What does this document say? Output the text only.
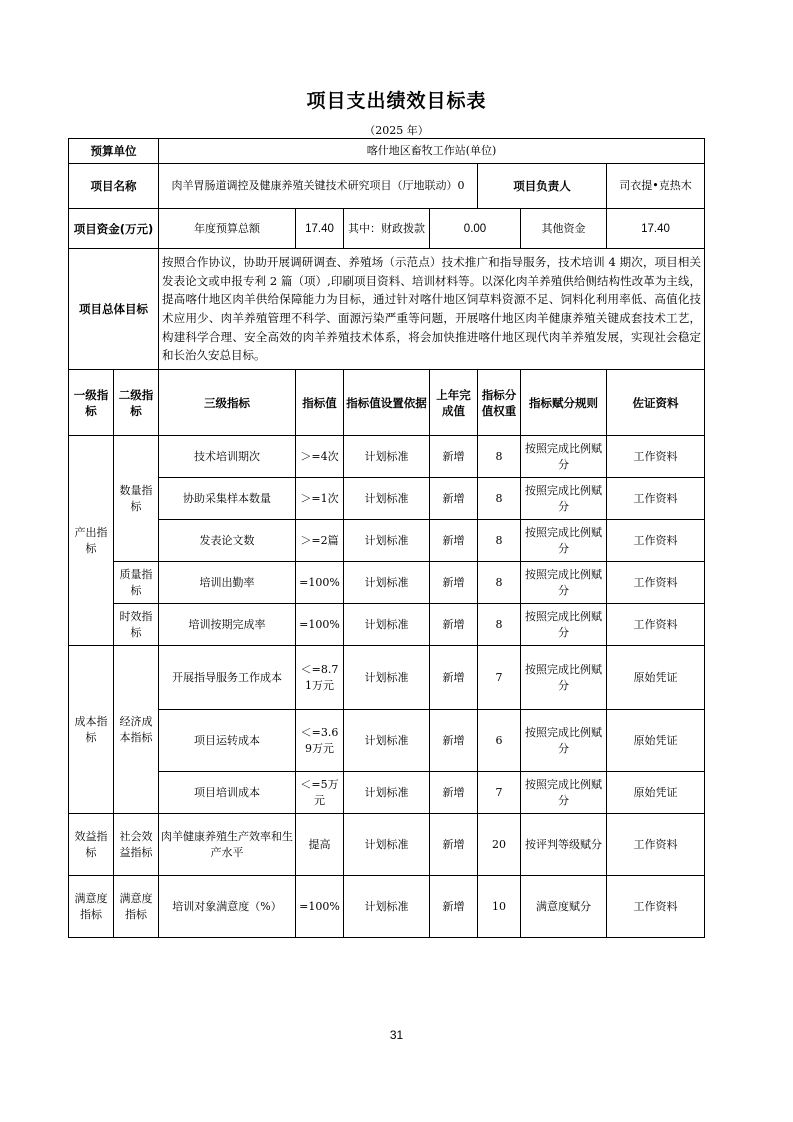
项目支出绩效目标表
（2025 年）
预算单位		喀什地区畜牧工作站(单位)						
项目名称		肉羊胃肠道调控及健康养殖关键技术研究项目（厅地联动）0				项目负责人		司衣提•克热木
项目资金(万元)		年度预算总额	17.40	其中：财政拨款	0.00		其他资金	17.40
项目总体目标		按照合作协议，协助开展调研调查、养殖场（示范点）技术推广和指导服务，技术培训 4 期次，项目相关发表论文或申报专利 2 篇（项）,印刷项目资料、培训材料等。以深化肉羊养殖供给侧结构性改革为主线，提高喀什地区肉羊供给保障能力为目标，通过针对喀什地区饲草料资源不足、饲料化利用率低、高值化技术应用少、肉羊养殖管理不科学、面源污染严重等问题，开展喀什地区肉羊健康养殖关键成套技术工艺，构建科学合理、安全高效的肉羊养殖技术体系，将会加快推进喀什地区现代肉羊养殖发展，实现社会稳定和长治久安总目标。						
一级指标	二级指标	三级指标	指标值	指标值设置依据	上年完成值	指标分值权重	指标赋分规则	佐证资料
产出指标	数量指标	技术培训期次	＞=4次	计划标准	新增	8	按照完成比例赋分	工作资料
		协助采集样本数量	＞=1次	计划标准	新增	8	按照完成比例赋分	工作资料
		发表论文数	＞=2篇	计划标准	新增	8	按照完成比例赋分	工作资料
	质量指标	培训出勤率	=100%	计划标准	新增	8	按照完成比例赋分	工作资料
	时效指标	培训按期完成率	=100%	计划标准	新增	8	按照完成比例赋分	工作资料
成本指标	经济成本指标	开展指导服务工作成本	＜=8.71万元	计划标准	新增	7	按照完成比例赋分	原始凭证
		项目运转成本	＜=3.69万元	计划标准	新增	6	按照完成比例赋分	原始凭证
		项目培训成本	＜=5万元	计划标准	新增	7	按照完成比例赋分	原始凭证
效益指标	社会效益指标	肉羊健康养殖生产效率和生产水平	提高	计划标准	新增	20	按评判等级赋分	工作资料
满意度指标	满意度指标	培训对象满意度（%）	=100%	计划标准	新增	10	满意度赋分	工作资料
31
